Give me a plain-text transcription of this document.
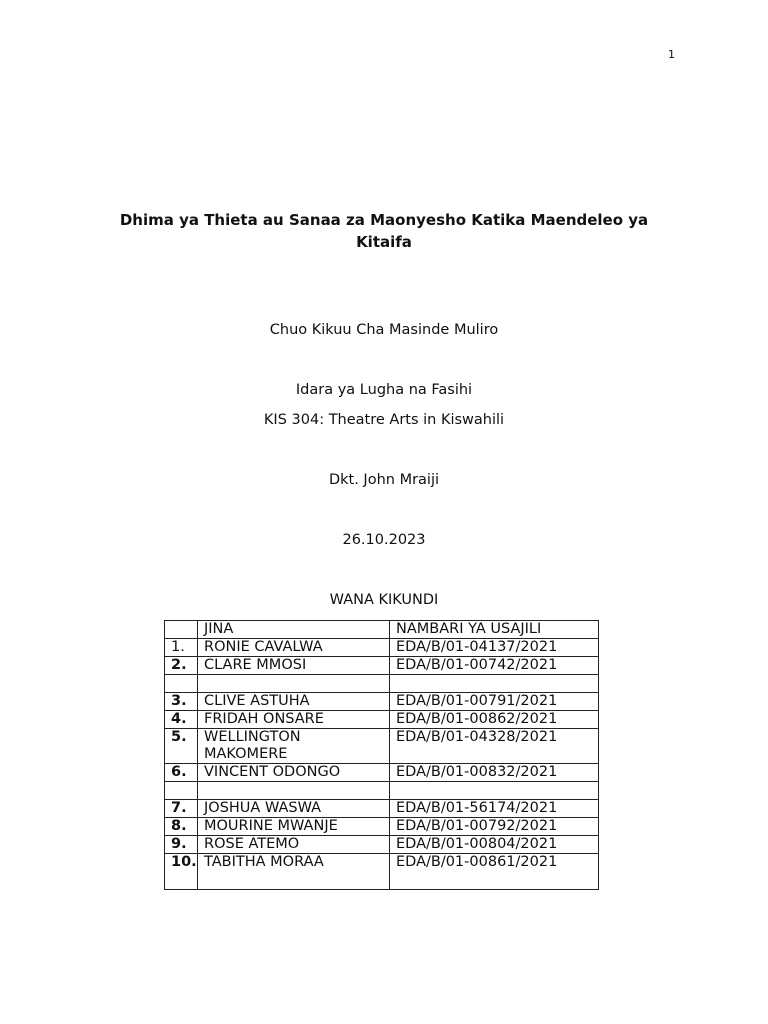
1
Dhima ya Thieta au Sanaa za Maonyesho Katika Maendeleo ya Kitaifa
Chuo Kikuu Cha Masinde Muliro
Idara ya Lugha na Fasihi
KIS 304: Theatre Arts in Kiswahili
Dkt. John Mraiji
26.10.2023
WANA KIKUNDI
	JINA	NAMBARI YA USAJILI
1.	RONIE CAVALWA	EDA/B/01-04137/2021
2.	CLARE MMOSI	EDA/B/01-00742/2021

3.	CLIVE ASTUHA	EDA/B/01-00791/2021
4.	FRIDAH ONSARE	EDA/B/01-00862/2021
5.	WELLINGTON MAKOMERE	EDA/B/01-04328/2021
6.	VINCENT ODONGO	EDA/B/01-00832/2021

7.	JOSHUA WASWA	EDA/B/01-56174/2021
8.	MOURINE MWANJE	EDA/B/01-00792/2021
9.	ROSE ATEMO	EDA/B/01-00804/2021
10.	TABITHA MORAA	EDA/B/01-00861/2021
